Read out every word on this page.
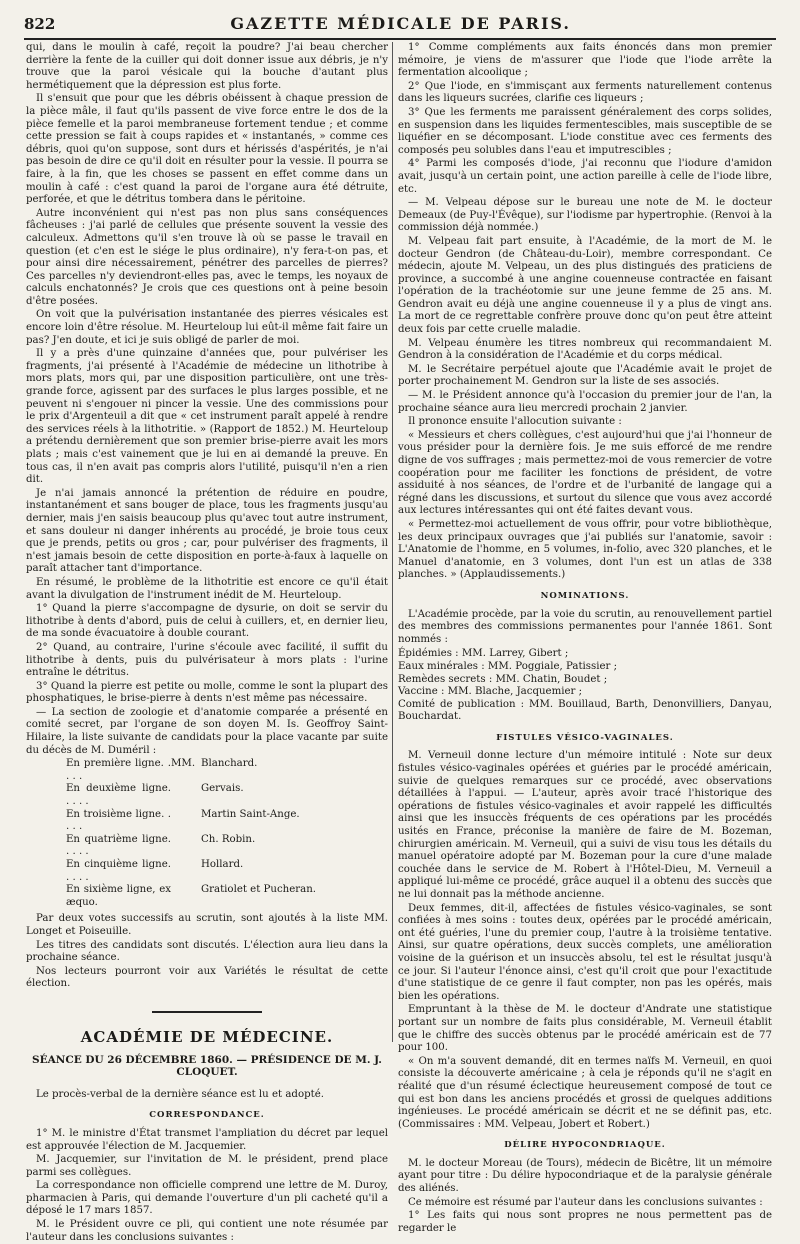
822	GAZETTE MÉDICALE DE PARIS.

qui, dans le moulin à café, reçoit la poudre? J'ai beau chercher derrière la fente de la cuiller qui doit donner issue aux débris, je n'y trouve que la paroi vésicale qui la bouche d'autant plus hermétiquement que la dépression est plus forte.

Il s'ensuit que pour que les débris obéissent à chaque pression de la pièce mâle, il faut qu'ils passent de vive force entre le dos de la pièce femelle et la paroi membraneuse fortement tendue ; et comme cette pression se fait à coups rapides et « instantanés, » comme ces débris, quoi qu'on suppose, sont durs et hérissés d'aspérités, je n'ai pas besoin de dire ce qu'il doit en résulter pour la vessie. Il pourra se faire, à la fin, que les choses se passent en effet comme dans un moulin à café : c'est quand la paroi de l'organe aura été détruite, perforée, et que le détritus tombera dans le péritoine.

Autre inconvénient qui n'est pas non plus sans conséquences fâcheuses : j'ai parlé de cellules que présente souvent la vessie des calculeux. Admettons qu'il s'en trouve là où se passe le travail en question (et c'en est le siége le plus ordinaire), n'y fera-t-on pas, et pour ainsi dire nécessairement, pénétrer des parcelles de pierres? Ces parcelles n'y deviendront-elles pas, avec le temps, les noyaux de calculs enchatonnés? Je crois que ces questions ont à peine besoin d'être posées.

On voit que la pulvérisation instantanée des pierres vésicales est encore loin d'être résolue. M. Heurteloup lui eût-il même fait faire un pas? J'en doute, et ici je suis obligé de parler de moi.

Il y a près d'une quinzaine d'années que, pour pulvériser les fragments, j'ai présenté à l'Académie de médecine un lithotribe à mors plats, mors qui, par une disposition particulière, ont une très-grande force, agissent par des surfaces le plus larges possible, et ne peuvent ni s'engouer ni pincer la vessie. Une des commissions pour le prix d'Argenteuil a dit que « cet instrument paraît appelé à rendre des services réels à la lithotritie. » (Rapport de 1852.) M. Heurteloup a prétendu dernièrement que son premier brise-pierre avait les mors plats ; mais c'est vainement que je lui en ai demandé la preuve. En tous cas, il n'en avait pas compris alors l'utilité, puisqu'il n'en a rien dit.

Je n'ai jamais annoncé la prétention de réduire en poudre, instantanément et sans bouger de place, tous les fragments jusqu'au dernier, mais j'en saisis beaucoup plus qu'avec tout autre instrument, et sans douleur ni danger inhérents au procédé, je broie tous ceux que je prends, petits ou gros ; car, pour pulvériser des fragments, il n'est jamais besoin de cette disposition en porte-à-faux à laquelle on paraît attacher tant d'importance.

En résumé, le problème de la lithotritie est encore ce qu'il était avant la divulgation de l'instrument inédit de M. Heurteloup.

1° Quand la pierre s'accompagne de dysurie, on doit se servir du lithotribe à dents d'abord, puis de celui à cuillers, et, en dernier lieu, de ma sonde évacuatoire à double courant.

2° Quand, au contraire, l'urine s'écoule avec facilité, il suffit du lithotribe à dents, puis du pulvérisateur à mors plats : l'urine entraîne le détritus.

3° Quand la pierre est petite ou molle, comme le sont la plupart des phosphatiques, le brise-pierre à dents n'est même pas nécessaire.

— La section de zoologie et d'anatomie comparée a présenté en comité secret, par l'organe de son doyen M. Is. Geoffroy Saint-Hilaire, la liste suivante de candidats pour la place vacante par suite du décès de M. Duméril :

En première ligne. . . . .
MM. Blanchard.
En deuxième ligne. . . . .
Gervais.
En troisième ligne. . . . .
Martin Saint-Ange.
En quatrième ligne. . . . .
Ch. Robin.
En cinquième ligne. . . . .
Hollard.
En sixième ligne, ex æquo.
Gratiolet et Pucheran.

Par deux votes successifs au scrutin, sont ajoutés à la liste MM. Longet et Poiseuille.

Les titres des candidats sont discutés. L'élection aura lieu dans la prochaine séance.

Nos lecteurs pourront voir aux Variétés le résultat de cette élection.

ACADÉMIE DE MÉDECINE.
SÉANCE DU 26 DÉCEMBRE 1860. — PRÉSIDENCE DE M. J. CLOQUET.

Le procès-verbal de la dernière séance est lu et adopté.

CORRESPONDANCE.

1° M. le ministre d'État transmet l'ampliation du décret par lequel est approuvée l'élection de M. Jacquemier.

M. Jacquemier, sur l'invitation de M. le président, prend place parmi ses collègues.

La correspondance non officielle comprend une lettre de M. Duroy, pharmacien à Paris, qui demande l'ouverture d'un pli cacheté qu'il a déposé le 17 mars 1857.

M. le Président ouvre ce pli, qui contient une note résumée par l'auteur dans les conclusions suivantes :

1° Comme compléments aux faits énoncés dans mon premier mémoire, je viens de m'assurer que l'iode que l'iode arrête la fermentation alcoolique ;

2° Que l'iode, en s'immisçant aux ferments naturellement contenus dans les liqueurs sucrées, clarifie ces liqueurs ;

3° Que les ferments me paraissent généralement des corps solides, en suspension dans les liquides fermentescibles, mais susceptible de se liquéfier en se décomposant. L'iode constitue avec ces ferments des composés peu solubles dans l'eau et imputrescibles ;

4° Parmi les composés d'iode, j'ai reconnu que l'iodure d'amidon avait, jusqu'à un certain point, une action pareille à celle de l'iode libre, etc.

— M. Velpeau dépose sur le bureau une note de M. le docteur Demeaux (de Puy-l'Évêque), sur l'iodisme par hypertrophie. (Renvoi à la commission déjà nommée.)

M. Velpeau fait part ensuite, à l'Académie, de la mort de M. le docteur Gendron (de Château-du-Loir), membre correspondant. Ce médecin, ajoute M. Velpeau, un des plus distingués des praticiens de province, a succombé à une angine couenneuse contractée en faisant l'opération de la trachéotomie sur une jeune femme de 25 ans. M. Gendron avait eu déjà une angine couenneuse il y a plus de vingt ans. La mort de ce regrettable confrère prouve donc qu'on peut être atteint deux fois par cette cruelle maladie.

M. Velpeau énumère les titres nombreux qui recommandaient M. Gendron à la considération de l'Académie et du corps médical.

M. le Secrétaire perpétuel ajoute que l'Académie avait le projet de porter prochainement M. Gendron sur la liste de ses associés.

— M. le Président annonce qu'à l'occasion du premier jour de l'an, la prochaine séance aura lieu mercredi prochain 2 janvier.

Il prononce ensuite l'allocution suivante :

« Messieurs et chers collègues, c'est aujourd'hui que j'ai l'honneur de vous présider pour la dernière fois. Je me suis efforcé de me rendre digne de vos suffrages ; mais permettez-moi de vous remercier de votre coopération pour me faciliter les fonctions de président, de votre assiduité à nos séances, de l'ordre et de l'urbanité de langage qui a régné dans les discussions, et surtout du silence que vous avez accordé aux lectures intéressantes qui ont été faites devant vous.

« Permettez-moi actuellement de vous offrir, pour votre bibliothèque, les deux principaux ouvrages que j'ai publiés sur l'anatomie, savoir : L'Anatomie de l'homme, en 5 volumes, in-folio, avec 320 planches, et le Manuel d'anatomie, en 3 volumes, dont l'un est un atlas de 338 planches. » (Applaudissements.)

NOMINATIONS.

L'Académie procède, par la voie du scrutin, au renouvellement partiel des membres des commissions permanentes pour l'année 1861. Sont nommés :

Épidémies : MM. Larrey, Gibert ;
Eaux minérales : MM. Poggiale, Patissier ;
Remèdes secrets : MM. Chatin, Boudet ;
Vaccine : MM. Blache, Jacquemier ;
Comité de publication : MM. Bouillaud, Barth, Denonvilliers, Danyau, Bouchardat.
FISTULES VÉSICO-VAGINALES.

M. Verneuil donne lecture d'un mémoire intitulé : Note sur deux fistules vésico-vaginales opérées et guéries par le procédé américain, suivie de quelques remarques sur ce procédé, avec observations détaillées à l'appui. — L'auteur, après avoir tracé l'historique des opérations de fistules vésico-vaginales et avoir rappelé les difficultés ainsi que les insuccès fréquents de ces opérations par les procédés usités en France, préconise la manière de faire de M. Bozeman, chirurgien américain. M. Verneuil, qui a suivi de visu tous les détails du manuel opératoire adopté par M. Bozeman pour la cure d'une malade couchée dans le service de M. Robert à l'Hôtel-Dieu, M. Verneuil a appliqué lui-même ce procédé, grâce auquel il a obtenu des succès que ne lui donnait pas la méthode ancienne.

Deux femmes, dit-il, affectées de fistules vésico-vaginales, se sont confiées à mes soins : toutes deux, opérées par le procédé américain, ont été guéries, l'une du premier coup, l'autre à la troisième tentative. Ainsi, sur quatre opérations, deux succès complets, une amélioration voisine de la guérison et un insuccès absolu, tel est le résultat jusqu'à ce jour. Si l'auteur l'énonce ainsi, c'est qu'il croit que pour l'exactitude d'une statistique de ce genre il faut compter, non pas les opérés, mais bien les opérations.

Empruntant à la thèse de M. le docteur d'Andrate une statistique portant sur un nombre de faits plus considérable, M. Verneuil établit que le chiffre des succès obtenus par le procédé américain est de 77 pour 100.

« On m'a souvent demandé, dit en termes naïfs M. Verneuil, en quoi consiste la découverte américaine ; à cela je réponds qu'il ne s'agit en réalité que d'un résumé éclectique heureusement composé de tout ce qui est bon dans les anciens procédés et grossi de quelques additions ingénieuses. Le procédé américain se décrit et ne se définit pas, etc. (Commissaires : MM. Velpeau, Jobert et Robert.)

DÉLIRE HYPOCONDRIAQUE.

M. le docteur Moreau (de Tours), médecin de Bicêtre, lit un mémoire ayant pour titre : Du délire hypocondriaque et de la paralysie générale des aliénés.

Ce mémoire est résumé par l'auteur dans les conclusions suivantes :

1° Les faits qui nous sont propres ne nous permettent pas de regarder le
